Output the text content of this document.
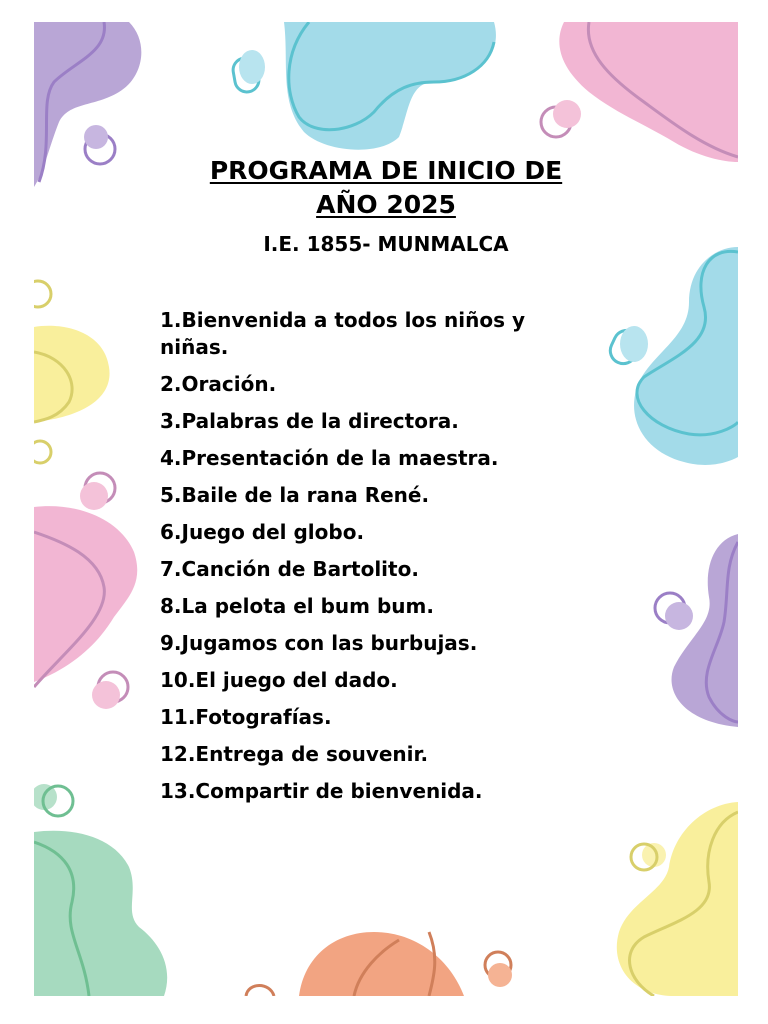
PROGRAMA DE INICIO DE
AÑO 2025

I.E. 1855- MUNMALCA

1.Bienvenida a todos los niños y niñas.
2.Oración.
3.Palabras de la directora.
4.Presentación de la maestra.
5.Baile de la rana René.
6.Juego del globo.
7.Canción de Bartolito.
8.La pelota el bum bum.
9.Jugamos con las burbujas.
10.El juego del dado.
11.Fotografías.
12.Entrega de souvenir.
13.Compartir de bienvenida.
